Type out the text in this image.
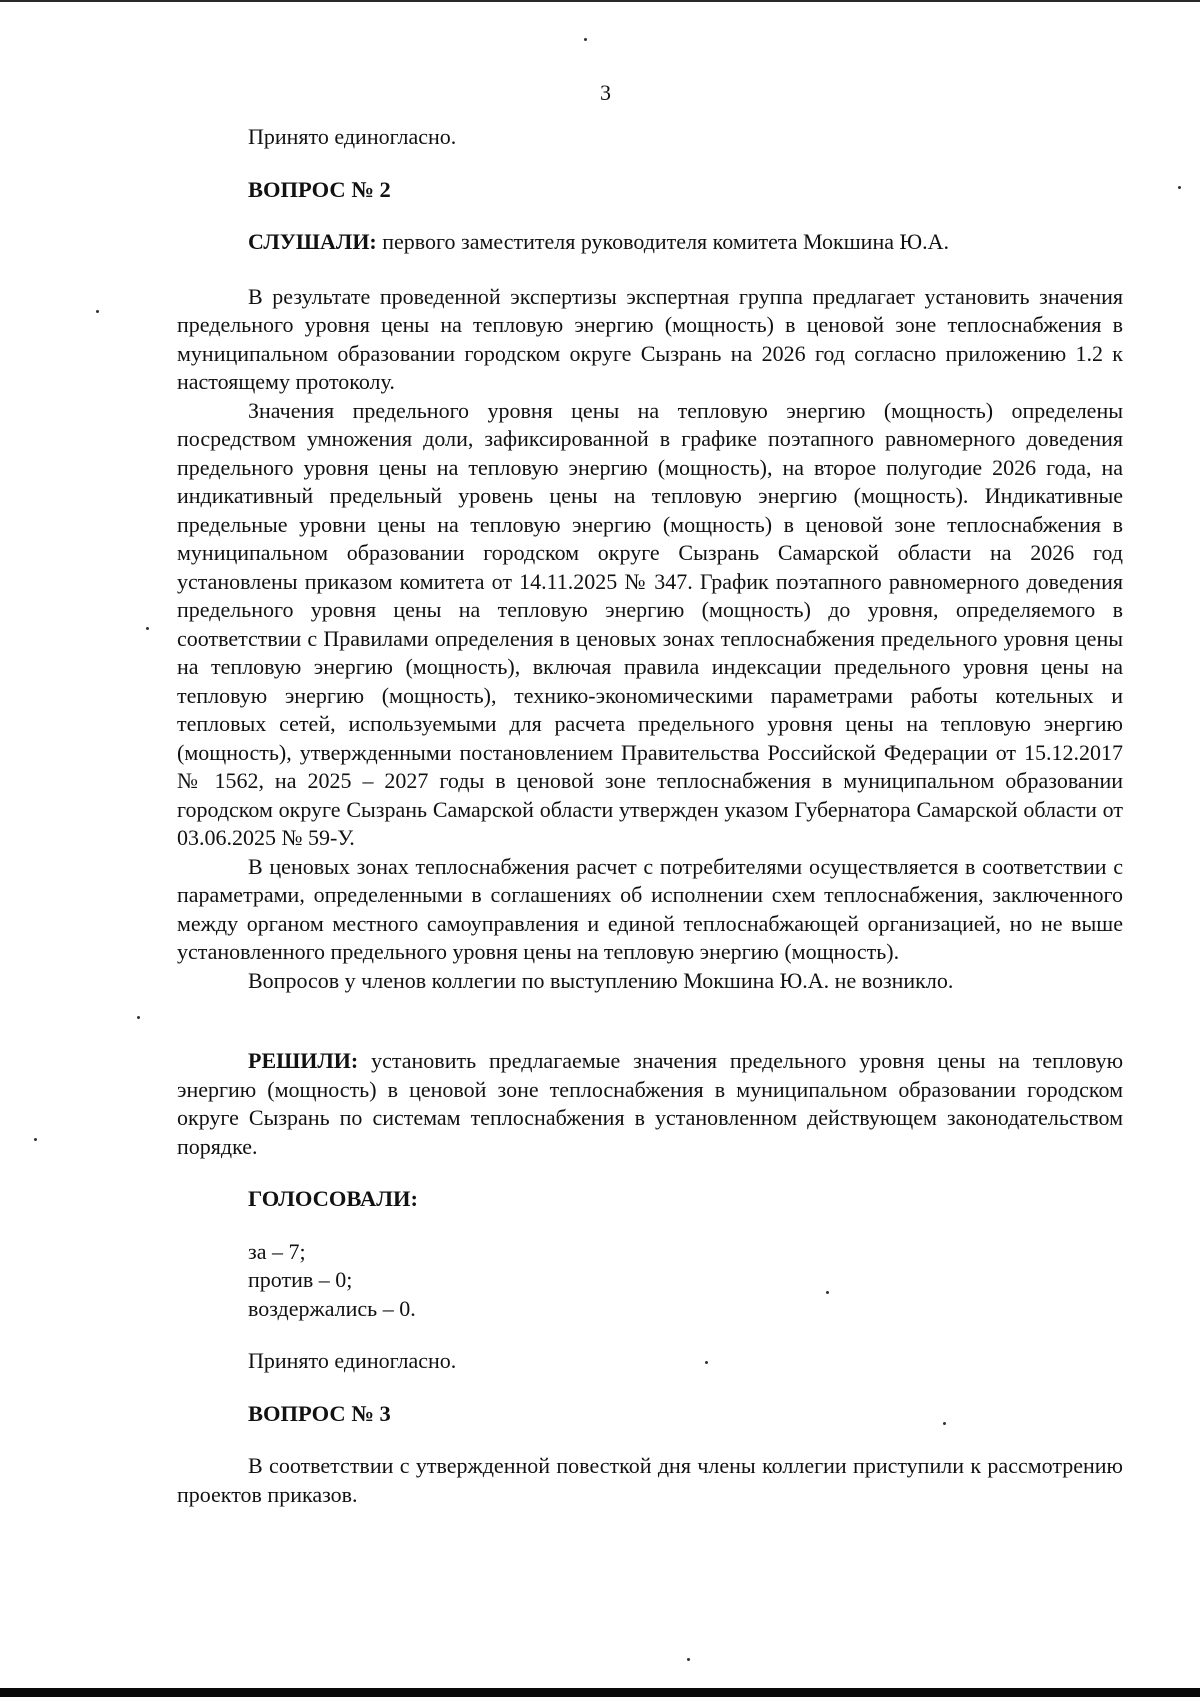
3

Принято единогласно.

ВОПРОС № 2

СЛУШАЛИ: первого заместителя руководителя комитета Мокшина Ю.А.

В результате проведенной экспертизы экспертная группа предлагает установить значения предельного уровня цены на тепловую энергию (мощность) в ценовой зоне теплоснабжения в муниципальном образовании городском округе Сызрань на 2026 год согласно приложению 1.2 к настоящему протоколу.

Значения предельного уровня цены на тепловую энергию (мощность) определены посредством умножения доли, зафиксированной в графике поэтапного равномерного доведения предельного уровня цены на тепловую энергию (мощность), на второе полугодие 2026 года, на индикативный предельный уровень цены на тепловую энергию (мощность). Индикативные предельные уровни цены на тепловую энергию (мощность) в ценовой зоне теплоснабжения в муниципальном образовании городском округе Сызрань Самарской области на 2026 год установлены приказом комитета от 14.11.2025 № 347. График поэтапного равномерного доведения предельного уровня цены на тепловую энергию (мощность) до уровня, определяемого в соответствии с Правилами определения в ценовых зонах теплоснабжения предельного уровня цены на тепловую энергию (мощность), включая правила индексации предельного уровня цены на тепловую энергию (мощность), технико-экономическими параметрами работы котельных и тепловых сетей, используемыми для расчета предельного уровня цены на тепловую энергию (мощность), утвержденными постановлением Правительства Российской Федерации от 15.12.2017 № 1562, на 2025 – 2027 годы в ценовой зоне теплоснабжения в муниципальном образовании городском округе Сызрань Самарской области утвержден указом Губернатора Самарской области от 03.06.2025 № 59-У.

В ценовых зонах теплоснабжения расчет с потребителями осуществляется в соответствии с параметрами, определенными в соглашениях об исполнении схем теплоснабжения, заключенного между органом местного самоуправления и единой теплоснабжающей организацией, но не выше установленного предельного уровня цены на тепловую энергию (мощность).

Вопросов у членов коллегии по выступлению Мокшина Ю.А. не возникло.

РЕШИЛИ: установить предлагаемые значения предельного уровня цены на тепловую энергию (мощность) в ценовой зоне теплоснабжения в муниципальном образовании городском округе Сызрань по системам теплоснабжения в установленном действующем законодательством порядке.

ГОЛОСОВАЛИ:

за – 7;

против – 0;

воздержались – 0.

Принято единогласно.

ВОПРОС № 3

В соответствии с утвержденной повесткой дня члены коллегии приступили к рассмотрению проектов приказов.
